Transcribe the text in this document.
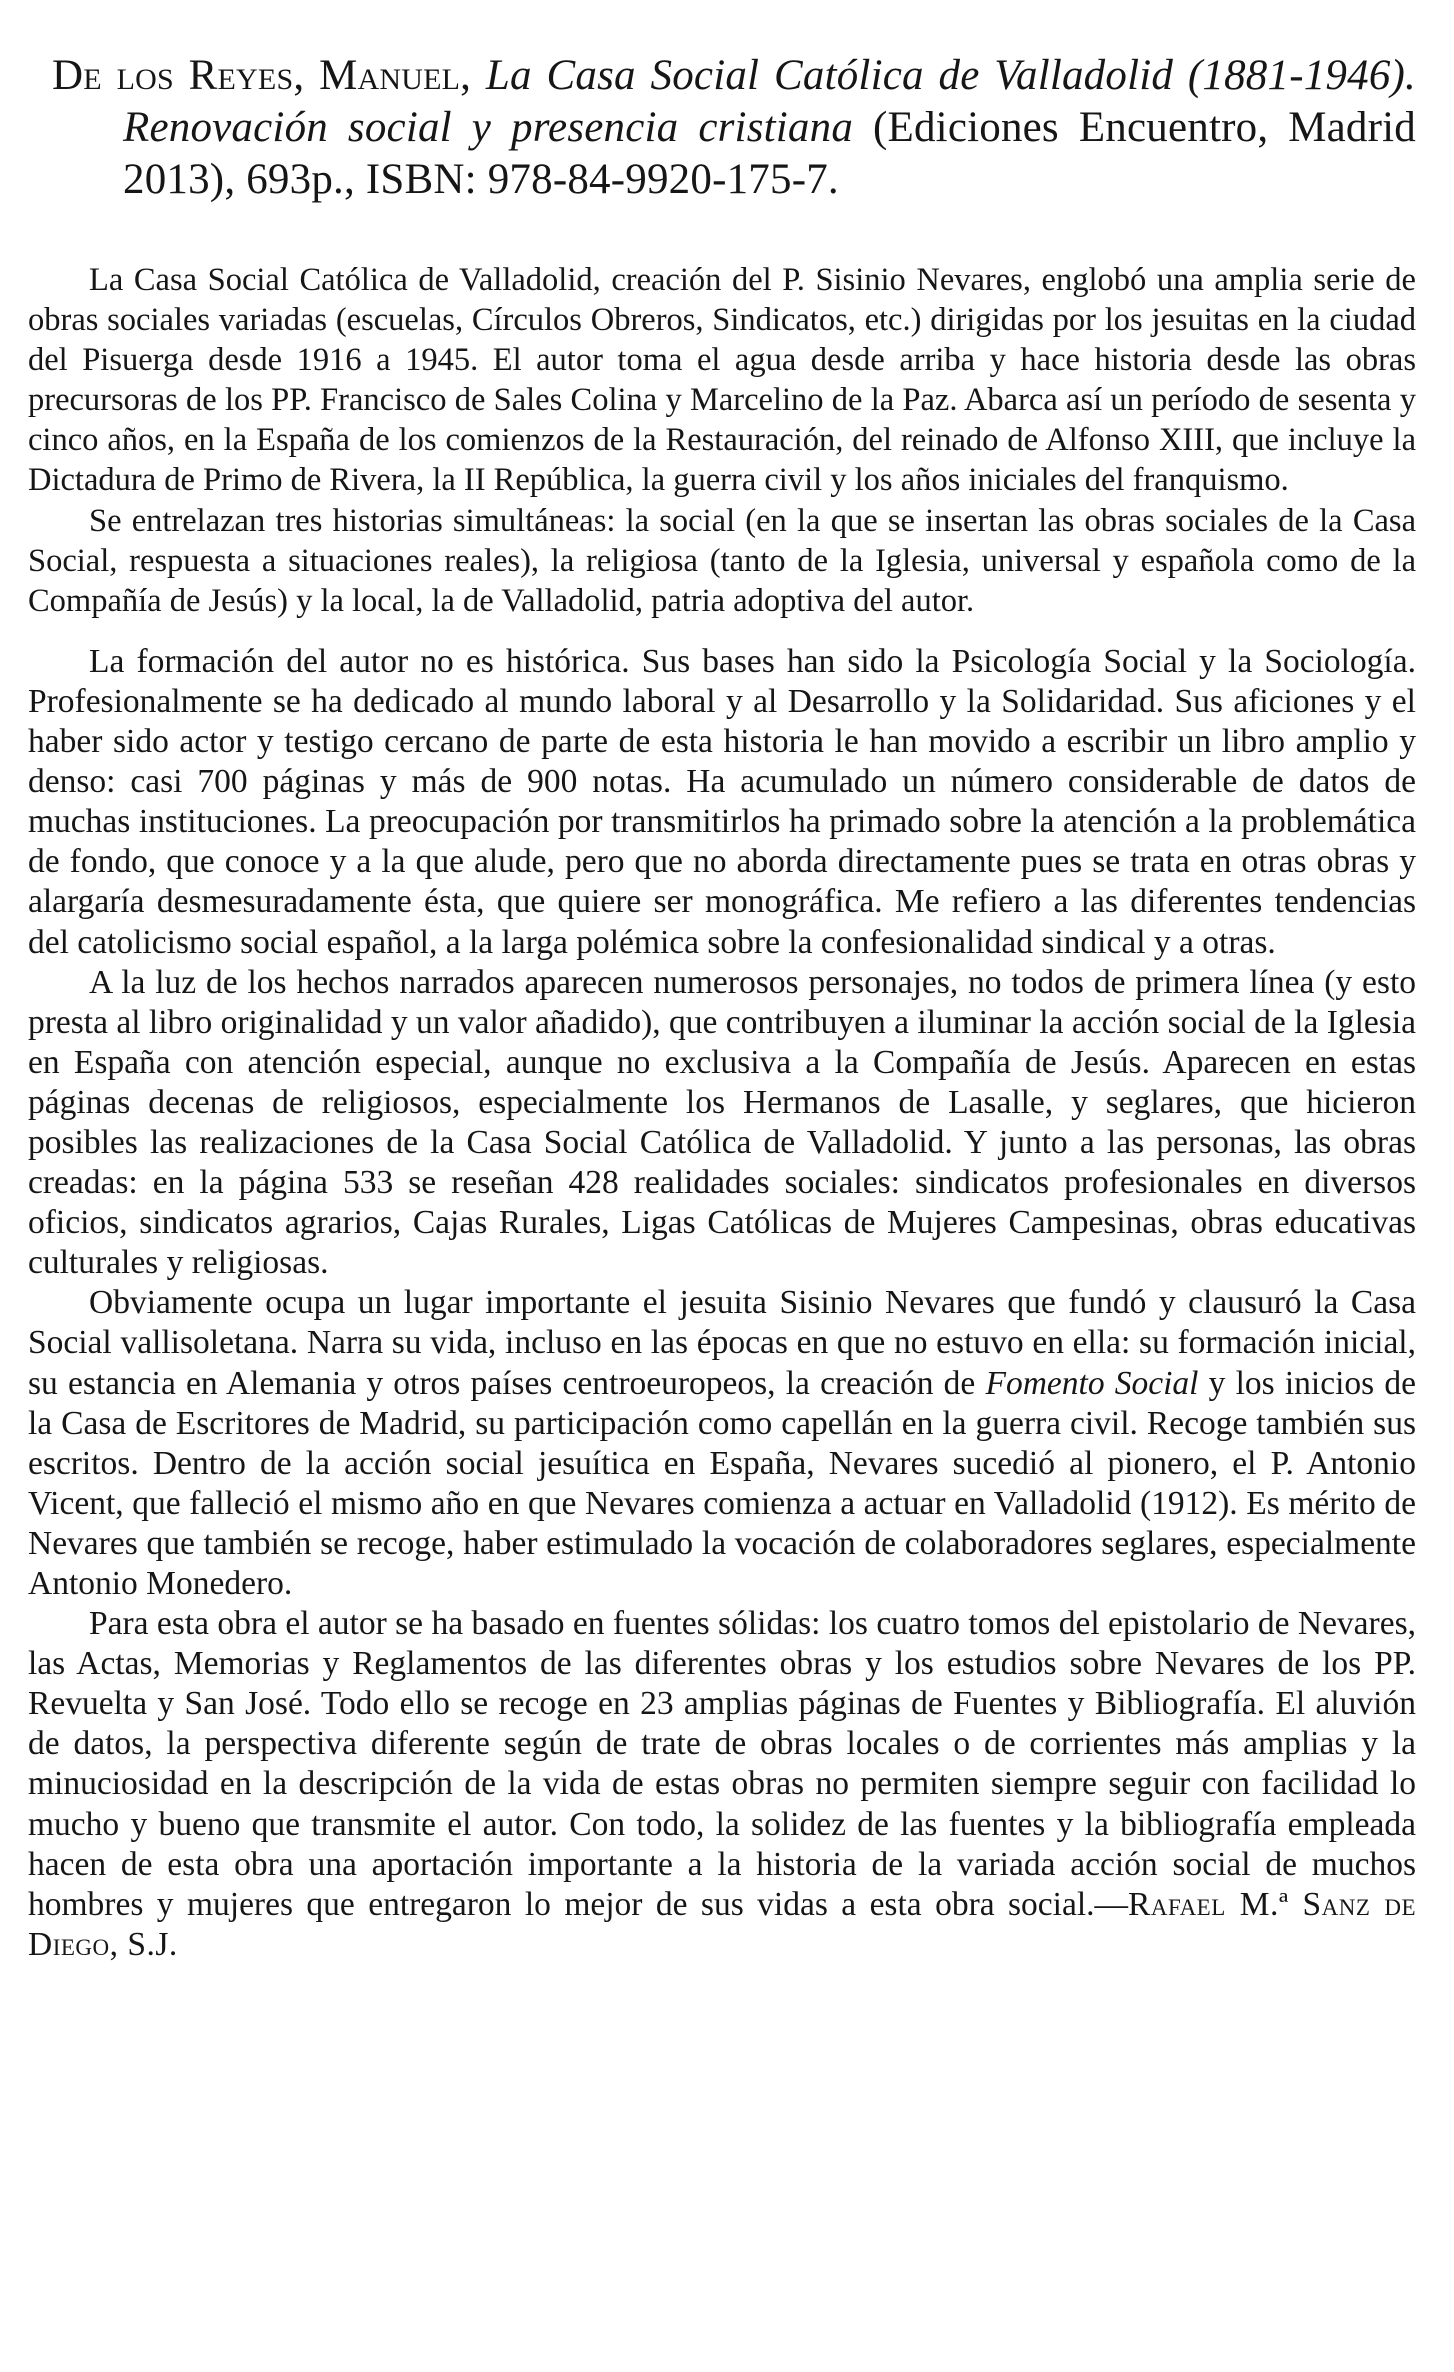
De los Reyes, Manuel, La Casa Social Católica de Valladolid (1881-1946). Renovación social y presencia cristiana (Ediciones Encuentro, Madrid 2013), 693p., ISBN: 978-84-9920-175-7.

La Casa Social Católica de Valladolid, creación del P. Sisinio Nevares, englobó una amplia serie de obras sociales variadas (escuelas, Círculos Obreros, Sindicatos, etc.) dirigidas por los jesuitas en la ciudad del Pisuerga desde 1916 a 1945. El autor toma el agua desde arriba y hace historia desde las obras precursoras de los PP. Francisco de Sales Colina y Marcelino de la Paz. Abarca así un período de sesenta y cinco años, en la España de los comienzos de la Restauración, del reinado de Alfonso XIII, que incluye la Dictadura de Primo de Rivera, la II República, la guerra civil y los años iniciales del franquismo.

Se entrelazan tres historias simultáneas: la social (en la que se insertan las obras sociales de la Casa Social, respuesta a situaciones reales), la religiosa (tanto de la Iglesia, universal y española como de la Compañía de Jesús) y la local, la de Valladolid, patria adoptiva del autor.

La formación del autor no es histórica. Sus bases han sido la Psicología Social y la Sociología. Profesionalmente se ha dedicado al mundo laboral y al Desarrollo y la Solidaridad. Sus aficiones y el haber sido actor y testigo cercano de parte de esta historia le han movido a escribir un libro amplio y denso: casi 700 páginas y más de 900 notas. Ha acumulado un número considerable de datos de muchas instituciones. La preocupación por transmitirlos ha primado sobre la atención a la problemática de fondo, que conoce y a la que alude, pero que no aborda directamente pues se trata en otras obras y alargaría desmesuradamente ésta, que quiere ser monográfica. Me refiero a las diferentes tendencias del catolicismo social español, a la larga polémica sobre la confesionalidad sindical y a otras.

A la luz de los hechos narrados aparecen numerosos personajes, no todos de primera línea (y esto presta al libro originalidad y un valor añadido), que contribuyen a iluminar la acción social de la Iglesia en España con atención especial, aunque no exclusiva a la Compañía de Jesús. Aparecen en estas páginas decenas de religiosos, especialmente los Hermanos de Lasalle, y seglares, que hicieron posibles las realizaciones de la Casa Social Católica de Valladolid. Y junto a las personas, las obras creadas: en la página 533 se reseñan 428 realidades sociales: sindicatos profesionales en diversos oficios, sindicatos agrarios, Cajas Rurales, Ligas Católicas de Mujeres Campesinas, obras educativas culturales y religiosas.

Obviamente ocupa un lugar importante el jesuita Sisinio Nevares que fundó y clausuró la Casa Social vallisoletana. Narra su vida, incluso en las épocas en que no estuvo en ella: su formación inicial, su estancia en Alemania y otros países centroeuropeos, la creación de Fomento Social y los inicios de la Casa de Escritores de Madrid, su participación como capellán en la guerra civil. Recoge también sus escritos. Dentro de la acción social jesuítica en España, Nevares sucedió al pionero, el P. Antonio Vicent, que falleció el mismo año en que Nevares comienza a actuar en Valladolid (1912). Es mérito de Nevares que también se recoge, haber estimulado la vocación de colaboradores seglares, especialmente Antonio Monedero.

Para esta obra el autor se ha basado en fuentes sólidas: los cuatro tomos del epistolario de Nevares, las Actas, Memorias y Reglamentos de las diferentes obras y los estudios sobre Nevares de los PP. Revuelta y San José. Todo ello se recoge en 23 amplias páginas de Fuentes y Bibliografía. El aluvión de datos, la perspectiva diferente según de trate de obras locales o de corrientes más amplias y la minuciosidad en la descripción de la vida de estas obras no permiten siempre seguir con facilidad lo mucho y bueno que transmite el autor. Con todo, la solidez de las fuentes y la bibliografía empleada hacen de esta obra una aportación importante a la historia de la variada acción social de muchos hombres y mujeres que entregaron lo mejor de sus vidas a esta obra social.—Rafael M.ª Sanz de Diego, S.J.
